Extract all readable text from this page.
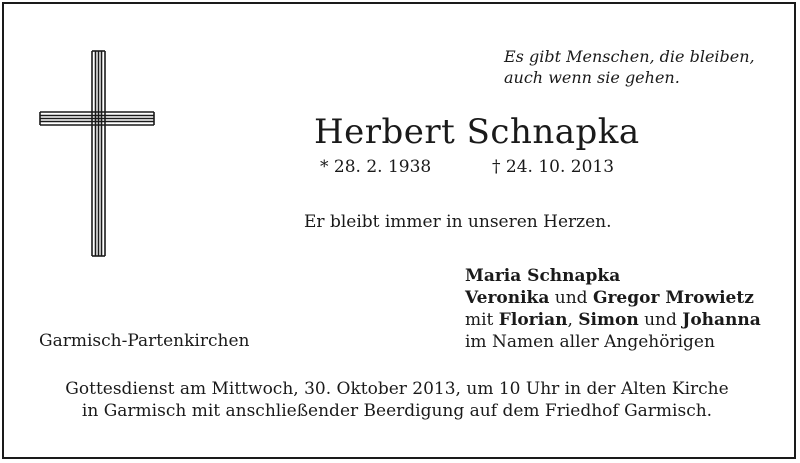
Es gibt Menschen, die bleiben,
auch wenn sie gehen.
Herbert Schnapka
* 28. 2. 1938	† 24. 10. 2013
Er bleibt immer in unseren Herzen.
Maria Schnapka
Veronika und Gregor Mrowietz
mit Florian, Simon und Johanna
im Namen aller Angehörigen
Garmisch-Partenkirchen
Gottesdienst am Mittwoch, 30. Oktober 2013, um 10 Uhr in der Alten Kirche
in Garmisch mit anschließender Beerdigung auf dem Friedhof Garmisch.
